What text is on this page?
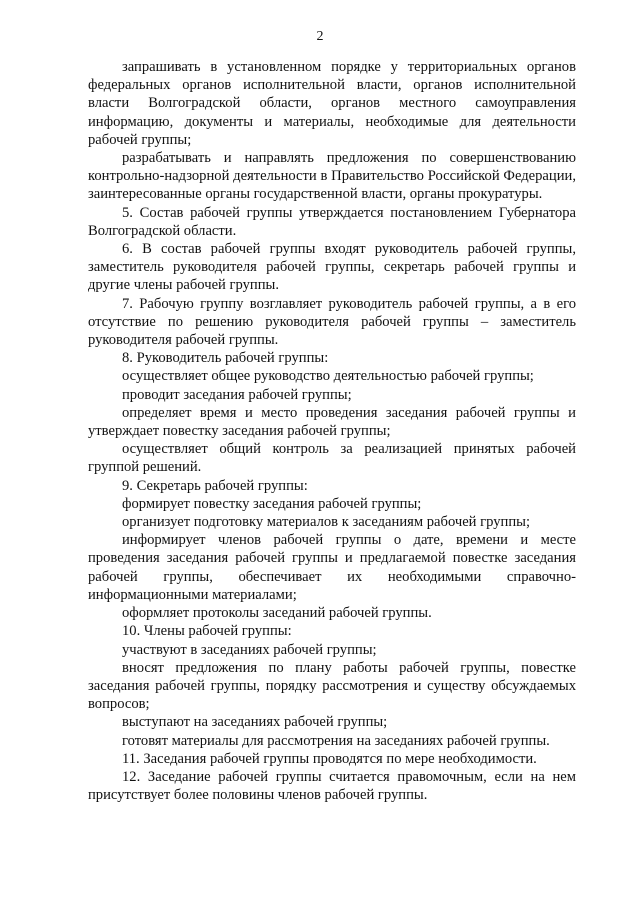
2

запрашивать в установленном порядке у территориальных органов федеральных органов исполнительной власти, органов исполнительной власти Волгоградской области, органов местного самоуправления информацию, документы и материалы, необходимые для деятельности рабочей группы;

разрабатывать и направлять предложения по совершенствованию контрольно-надзорной деятельности в Правительство Российской Федерации, заинтересованные органы государственной власти, органы прокуратуры.

5. Состав рабочей группы утверждается постановлением Губернатора Волгоградской области.

6. В состав рабочей группы входят руководитель рабочей группы, заместитель руководителя рабочей группы, секретарь рабочей группы и другие члены рабочей группы.

7. Рабочую группу возглавляет руководитель рабочей группы, а в его отсутствие по решению руководителя рабочей группы – заместитель руководителя рабочей группы.

8. Руководитель рабочей группы:

осуществляет общее руководство деятельностью рабочей группы;

проводит заседания рабочей группы;

определяет время и место проведения заседания рабочей группы и утверждает повестку заседания рабочей группы;

осуществляет общий контроль за реализацией принятых рабочей группой решений.

9. Секретарь рабочей группы:

формирует повестку заседания рабочей группы;

организует подготовку материалов к заседаниям рабочей группы;

информирует членов рабочей группы о дате, времени и месте проведения заседания рабочей группы и предлагаемой повестке заседания рабочей группы, обеспечивает их необходимыми справочно-информационными материалами;

оформляет протоколы заседаний рабочей группы.

10. Члены рабочей группы:

участвуют в заседаниях рабочей группы;

вносят предложения по плану работы рабочей группы, повестке заседания рабочей группы, порядку рассмотрения и существу обсуждаемых вопросов;

выступают на заседаниях рабочей группы;

готовят материалы для рассмотрения на заседаниях рабочей группы.

11. Заседания рабочей группы проводятся по мере необходимости.

12. Заседание рабочей группы считается правомочным, если на нем присутствует более половины членов рабочей группы.
